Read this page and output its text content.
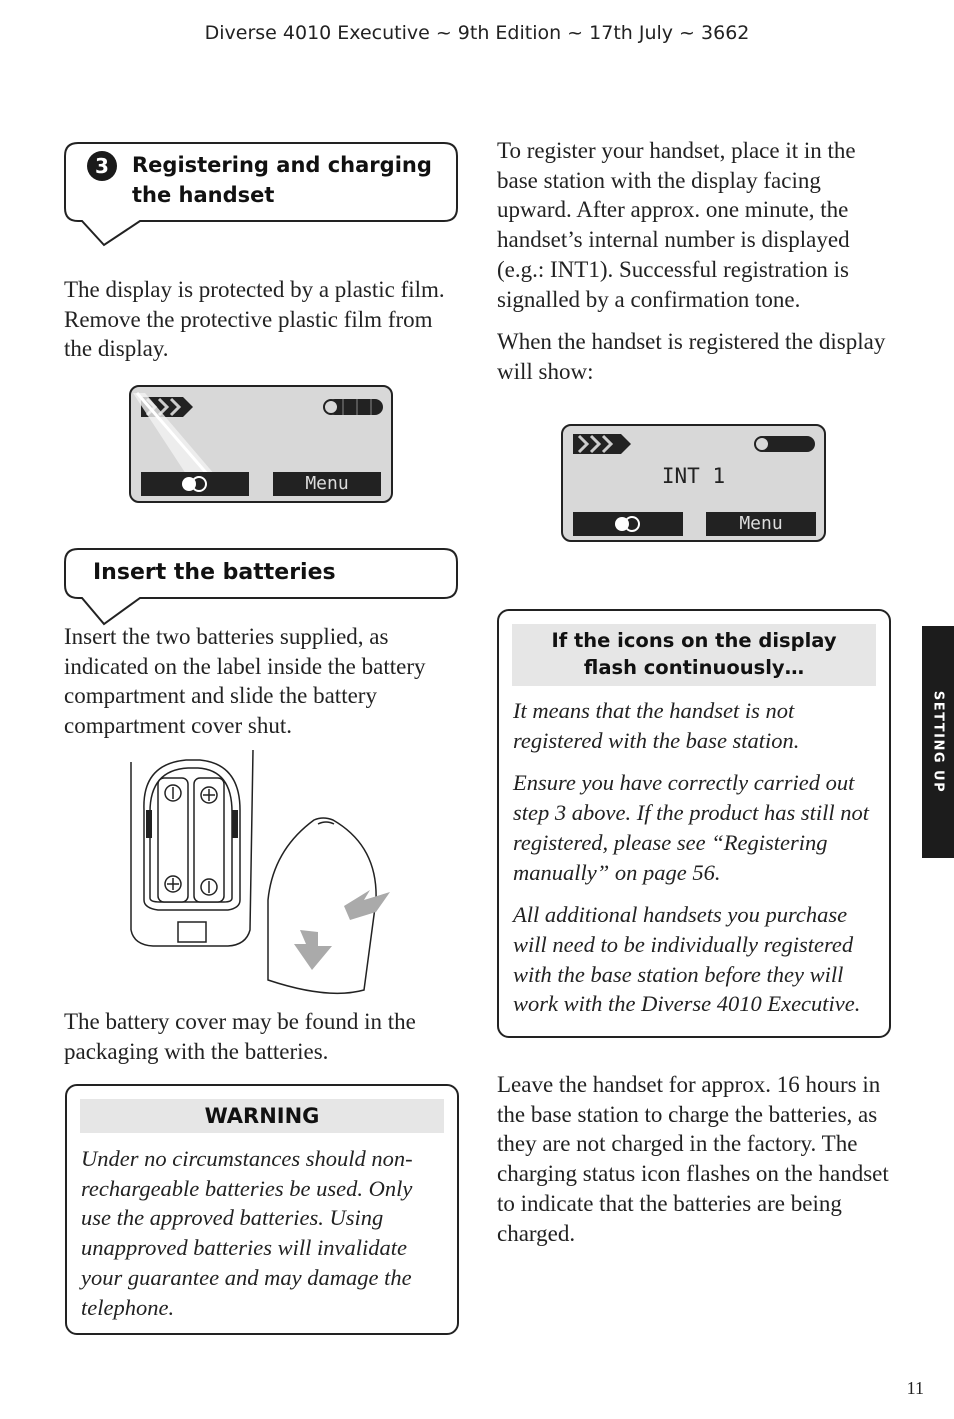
Diverse 4010 Executive ~ 9th Edition ~ 17th July ~ 3662
3	Registering and charging
the handset

The display is protected by a plastic film. Remove the protective plastic film from the display.

Menu
Insert the batteries

Insert the two batteries supplied, as indicated on the label inside the battery compartment and slide the battery compartment cover shut.

The battery cover may be found in the packaging with the batteries.

WARNING

Under no circumstances should non-rechargeable batteries be used. Only use the approved batteries. Using unapproved batteries will invalidate your guarantee and may damage the telephone.

To register your handset, place it in the base station with the display facing upward. After approx. one minute, the handset’s internal number is displayed (e.g.: INT1). Successful registration is signalled by a confirmation tone.

When the handset is registered the display will show:

INT 1
Menu
If the icons on the display
flash continuously…

It means that the handset is not registered with the base station.

Ensure you have correctly carried out step 3 above. If the product has still not registered, please see “Registering manually” on page 56.

All additional handsets you purchase will need to be individually registered with the base station before they will work with the Diverse 4010 Executive.

Leave the handset for approx. 16 hours in the base station to charge the batteries, as they are not charged in the factory. The charging status icon flashes on the handset to indicate that the batteries are being charged.

SETTING UP
11
